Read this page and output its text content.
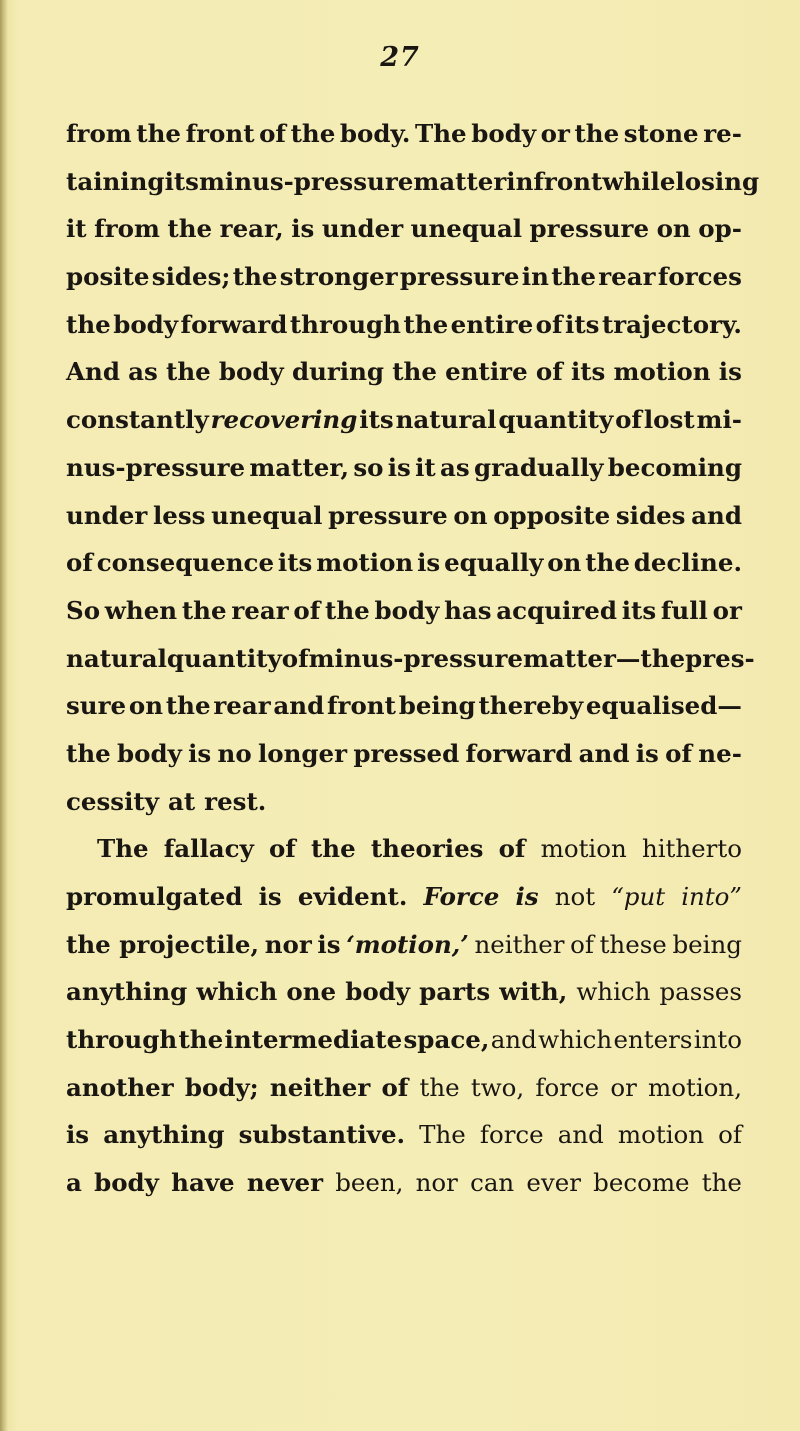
27
from the front of the body. The body or the stone re-
taining its minus-pressure matter in front while losing
it from the rear, is under unequal pressure on op-
posite sides; the stronger pressure in the rear forces
the body forward through the entire of its trajectory.
And as the body during the entire of its motion is
constantly recovering its natural quantity of lost mi-
nus-pressure matter, so is it as gradually becoming
under less unequal pressure on opposite sides and
of consequence its motion is equally on the decline.
So when the rear of the body has acquired its full or
natural quantity of minus-pressure matter—the pres-
sure on the rear and front being thereby equalised—
the body is no longer pressed forward and is of ne-
cessity at rest.
The fallacy of the theories of motion hitherto
promulgated is evident. Force is not “put into”
the projectile, nor is ‘motion,’ neither of these being
anything which one body parts with, which passes
through the intermediate space, and which enters into
another body; neither of the two, force or motion,
is anything substantive. The force and motion of
a body have never been, nor can ever become the
